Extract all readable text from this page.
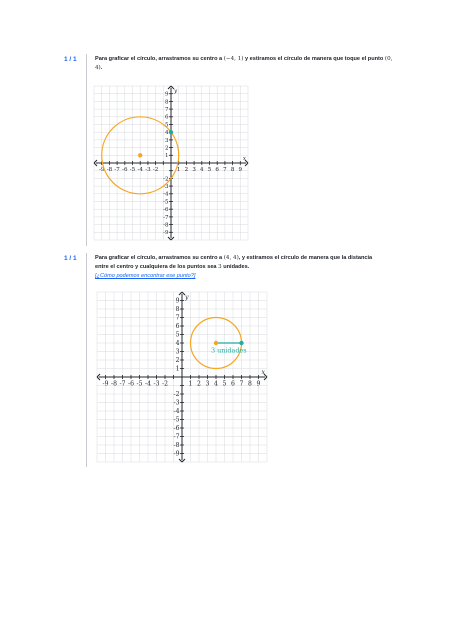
1 / 1	Para graficar el círculo, arrastramos su centro a (−4, 1) y estiramos el círculo de manera que toque el punto (0, 4).
-9 -8 -7 -6 -5 -4 -3 -2	1 2 3 4 5 6 7 8 9
9
8
7
6
5
4
3
2
1
-2
-3
-4
-5
-6
-7
-8
-9
x
y
1 / 1	Para graficar el círculo, arrastramos su centro a (4, 4), y estiramos el círculo de manera que la distancia entre el centro y cualquiera de los puntos sea 3 unidades.
[¿Cómo podemos encontrar ese punto?]
-9 -8 -7 -6 -5 -4 -3 -2	1 2 3 4 5 6 7 8 9
9
8
7
6
5
4
3
2
1
-2
-3
-4
-5
-6
-7
-8
-9
x
y
3 unidades
